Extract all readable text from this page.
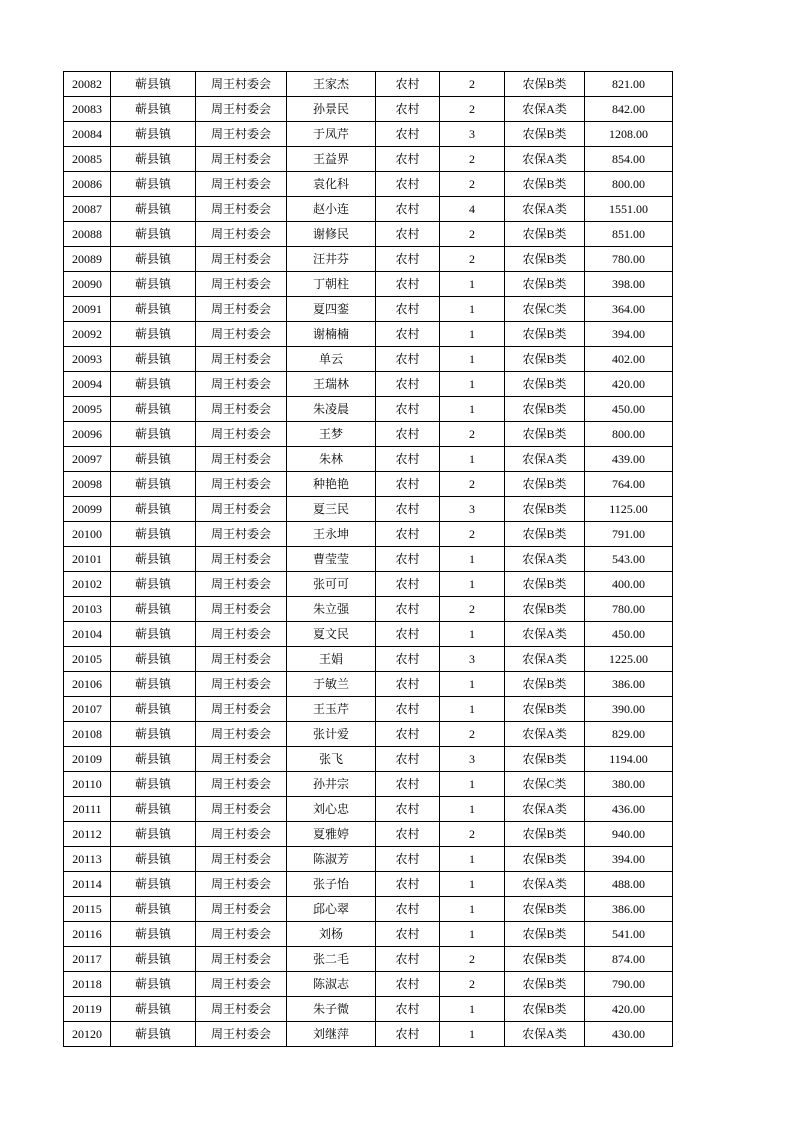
20082	蕲县镇	周王村委会	王家杰	农村	2	农保B类	821.00
20083	蕲县镇	周王村委会	孙景民	农村	2	农保A类	842.00
20084	蕲县镇	周王村委会	于凤芹	农村	3	农保B类	1208.00
20085	蕲县镇	周王村委会	王益界	农村	2	农保A类	854.00
20086	蕲县镇	周王村委会	袁化科	农村	2	农保B类	800.00
20087	蕲县镇	周王村委会	赵小连	农村	4	农保A类	1551.00
20088	蕲县镇	周王村委会	谢修民	农村	2	农保B类	851.00
20089	蕲县镇	周王村委会	汪井芬	农村	2	农保B类	780.00
20090	蕲县镇	周王村委会	丁朝柱	农村	1	农保B类	398.00
20091	蕲县镇	周王村委会	夏四銮	农村	1	农保C类	364.00
20092	蕲县镇	周王村委会	谢楠楠	农村	1	农保B类	394.00
20093	蕲县镇	周王村委会	单云	农村	1	农保B类	402.00
20094	蕲县镇	周王村委会	王瑞林	农村	1	农保B类	420.00
20095	蕲县镇	周王村委会	朱凌晨	农村	1	农保B类	450.00
20096	蕲县镇	周王村委会	王梦	农村	2	农保B类	800.00
20097	蕲县镇	周王村委会	朱林	农村	1	农保A类	439.00
20098	蕲县镇	周王村委会	种艳艳	农村	2	农保B类	764.00
20099	蕲县镇	周王村委会	夏三民	农村	3	农保B类	1125.00
20100	蕲县镇	周王村委会	王永坤	农村	2	农保B类	791.00
20101	蕲县镇	周王村委会	曹莹莹	农村	1	农保A类	543.00
20102	蕲县镇	周王村委会	张可可	农村	1	农保B类	400.00
20103	蕲县镇	周王村委会	朱立强	农村	2	农保B类	780.00
20104	蕲县镇	周王村委会	夏文民	农村	1	农保A类	450.00
20105	蕲县镇	周王村委会	王娟	农村	3	农保A类	1225.00
20106	蕲县镇	周王村委会	于敏兰	农村	1	农保B类	386.00
20107	蕲县镇	周王村委会	王玉芹	农村	1	农保B类	390.00
20108	蕲县镇	周王村委会	张计爱	农村	2	农保A类	829.00
20109	蕲县镇	周王村委会	张飞	农村	3	农保B类	1194.00
20110	蕲县镇	周王村委会	孙井宗	农村	1	农保C类	380.00
20111	蕲县镇	周王村委会	刘心忠	农村	1	农保A类	436.00
20112	蕲县镇	周王村委会	夏雅婷	农村	2	农保B类	940.00
20113	蕲县镇	周王村委会	陈淑芳	农村	1	农保B类	394.00
20114	蕲县镇	周王村委会	张子怡	农村	1	农保A类	488.00
20115	蕲县镇	周王村委会	邱心翠	农村	1	农保B类	386.00
20116	蕲县镇	周王村委会	刘杨	农村	1	农保B类	541.00
20117	蕲县镇	周王村委会	张二毛	农村	2	农保B类	874.00
20118	蕲县镇	周王村委会	陈淑志	农村	2	农保B类	790.00
20119	蕲县镇	周王村委会	朱子微	农村	1	农保B类	420.00
20120	蕲县镇	周王村委会	刘继萍	农村	1	农保A类	430.00
